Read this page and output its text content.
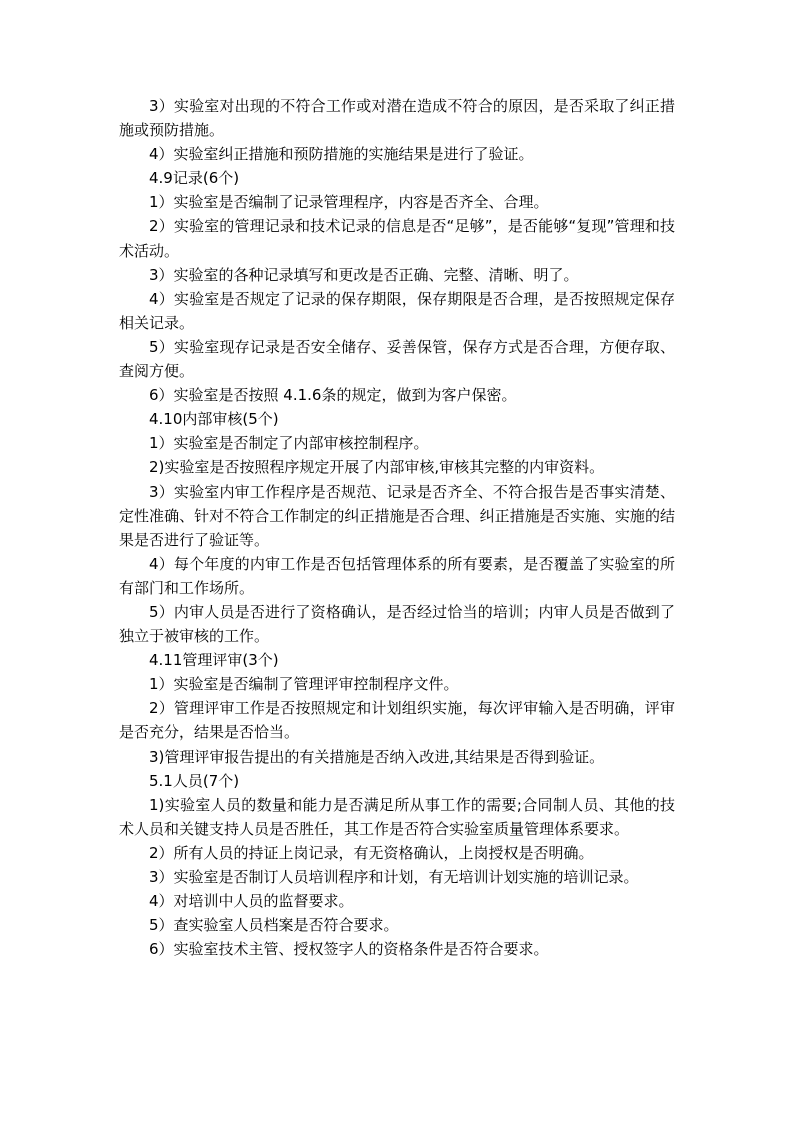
3）实验室对出现的不符合工作或对潜在造成不符合的原因，是否采取了纠正措施或预防措施。

4）实验室纠正措施和预防措施的实施结果是进行了验证。

4.9记录(6个)

1）实验室是否编制了记录管理程序，内容是否齐全、合理。

2）实验室的管理记录和技术记录的信息是否“足够”，是否能够“复现”管理和技术活动。

3）实验室的各种记录填写和更改是否正确、完整、清晰、明了。

4）实验室是否规定了记录的保存期限，保存期限是否合理，是否按照规定保存相关记录。

5）实验室现存记录是否安全储存、妥善保管，保存方式是否合理，方便存取、查阅方便。

6）实验室是否按照 4.1.6条的规定，做到为客户保密。

4.10内部审核(5个)

1）实验室是否制定了内部审核控制程序。

2)实验室是否按照程序规定开展了内部审核,审核其完整的内审资料。

3）实验室内审工作程序是否规范、记录是否齐全、不符合报告是否事实清楚、定性准确、针对不符合工作制定的纠正措施是否合理、纠正措施是否实施、实施的结果是否进行了验证等。

4）每个年度的内审工作是否包括管理体系的所有要素，是否覆盖了实验室的所有部门和工作场所。

5）内审人员是否进行了资格确认，是否经过恰当的培训；内审人员是否做到了独立于被审核的工作。

4.11管理评审(3个)

1）实验室是否编制了管理评审控制程序文件。

2）管理评审工作是否按照规定和计划组织实施，每次评审输入是否明确，评审是否充分，结果是否恰当。

3)管理评审报告提出的有关措施是否纳入改进,其结果是否得到验证。

5.1人员(7个)

1)实验室人员的数量和能力是否满足所从事工作的需要;合同制人员、其他的技术人员和关键支持人员是否胜任，其工作是否符合实验室质量管理体系要求。

2）所有人员的持证上岗记录，有无资格确认，上岗授权是否明确。

3）实验室是否制订人员培训程序和计划，有无培训计划实施的培训记录。

4）对培训中人员的监督要求。

5）查实验室人员档案是否符合要求。

6）实验室技术主管、授权签字人的资格条件是否符合要求。
